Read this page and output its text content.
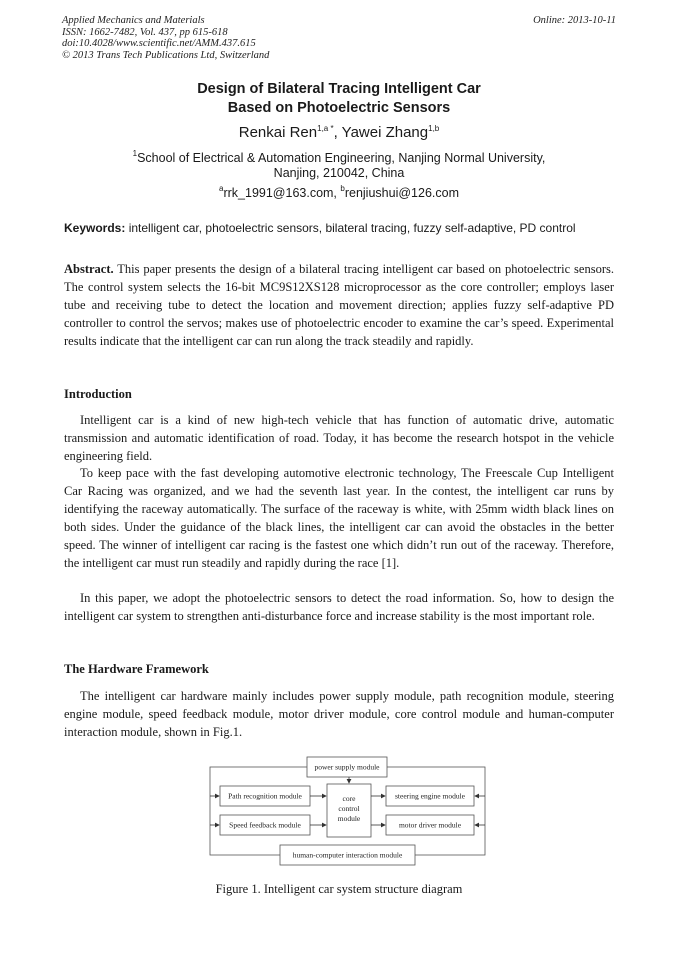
Applied Mechanics and Materials
ISSN: 1662-7482, Vol. 437, pp 615-618
doi:10.4028/www.scientific.net/AMM.437.615
© 2013 Trans Tech Publications Ltd, Switzerland
Online: 2013-10-11
Design of Bilateral Tracing Intelligent Car
Based on Photoelectric Sensors
Renkai Ren$^{1,a *}$, Yawei Zhang$^{1,b}$
$^1$School of Electrical & Automation Engineering, Nanjing Normal University,
Nanjing, 210042, China
$^a$rrk_1991@163.com, $^b$renjiushui@126.com
Keywords: intelligent car, photoelectric sensors, bilateral tracing, fuzzy self-adaptive, PD control
Abstract. This paper presents the design of a bilateral tracing intelligent car based on photoelectric sensors. The control system selects the 16-bit MC9S12XS128 microprocessor as the core controller; employs laser tube and receiving tube to detect the location and movement direction; applies fuzzy self-adaptive PD controller to control the servos; makes use of photoelectric encoder to examine the car’s speed. Experimental results indicate that the intelligent car can run along the track steadily and rapidly.
Introduction
Intelligent car is a kind of new high-tech vehicle that has function of automatic drive, automatic transmission and automatic identification of road. Today, it has become the research hotspot in the vehicle engineering field.
To keep pace with the fast developing automotive electronic technology, The Freescale Cup Intelligent Car Racing was organized, and we had the seventh last year. In the contest, the intelligent car runs by identifying the raceway automatically. The surface of the raceway is white, with 25mm width black lines on both sides. Under the guidance of the black lines, the intelligent car can avoid the obstacles in the better speed. The winner of intelligent car racing is the fastest one which didn’t run out of the raceway. Therefore, the intelligent car must run steadily and rapidly during the race [1].
In this paper, we adopt the photoelectric sensors to detect the road information. So, how to design the intelligent car system to strengthen anti-disturbance force and increase stability is the most important role.
The Hardware Framework
The intelligent car hardware mainly includes power supply module, path recognition module, steering engine module, speed feedback module, motor driver module, core control module and human-computer interaction module, shown in Fig.1.
power supply module
Path recognition module
Speed feedback module
core
control
module
steering engine module
motor driver module
human-computer interaction module
Figure 1. Intelligent car system structure diagram
